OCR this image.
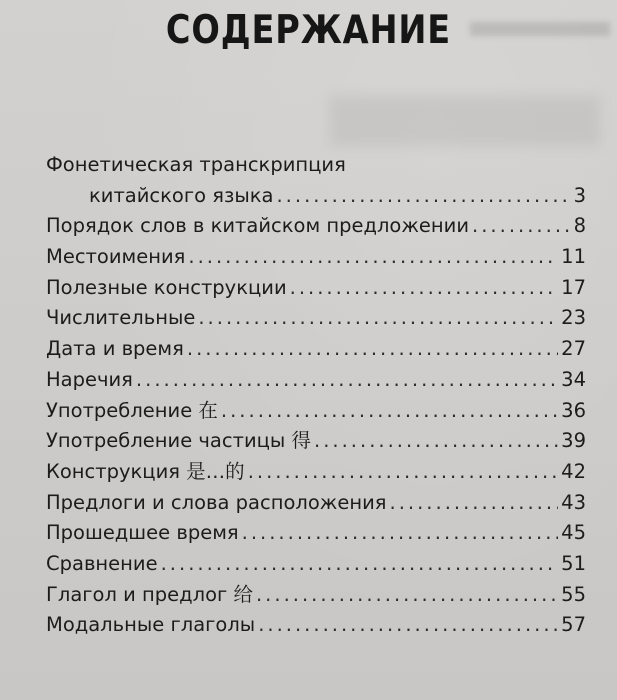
СОДЕРЖАНИЕ
Фонетическая транскрипция
китайского языка .....	3
Порядок слов в китайском предложении .....	8
Местоимения .....	11
Полезные конструкции .....	17
Числительные .....	23
Дата и время .....	27
Наречия .....	34
Употребление 在 .....	36
Употребление частицы 得 .....	39
Конструкция 是…的 .....	42
Предлоги и слова расположения .....	43
Прошедшее время .....	45
Сравнение .....	51
Глагол и предлог 给 .....	55
Модальные глаголы .....	57
